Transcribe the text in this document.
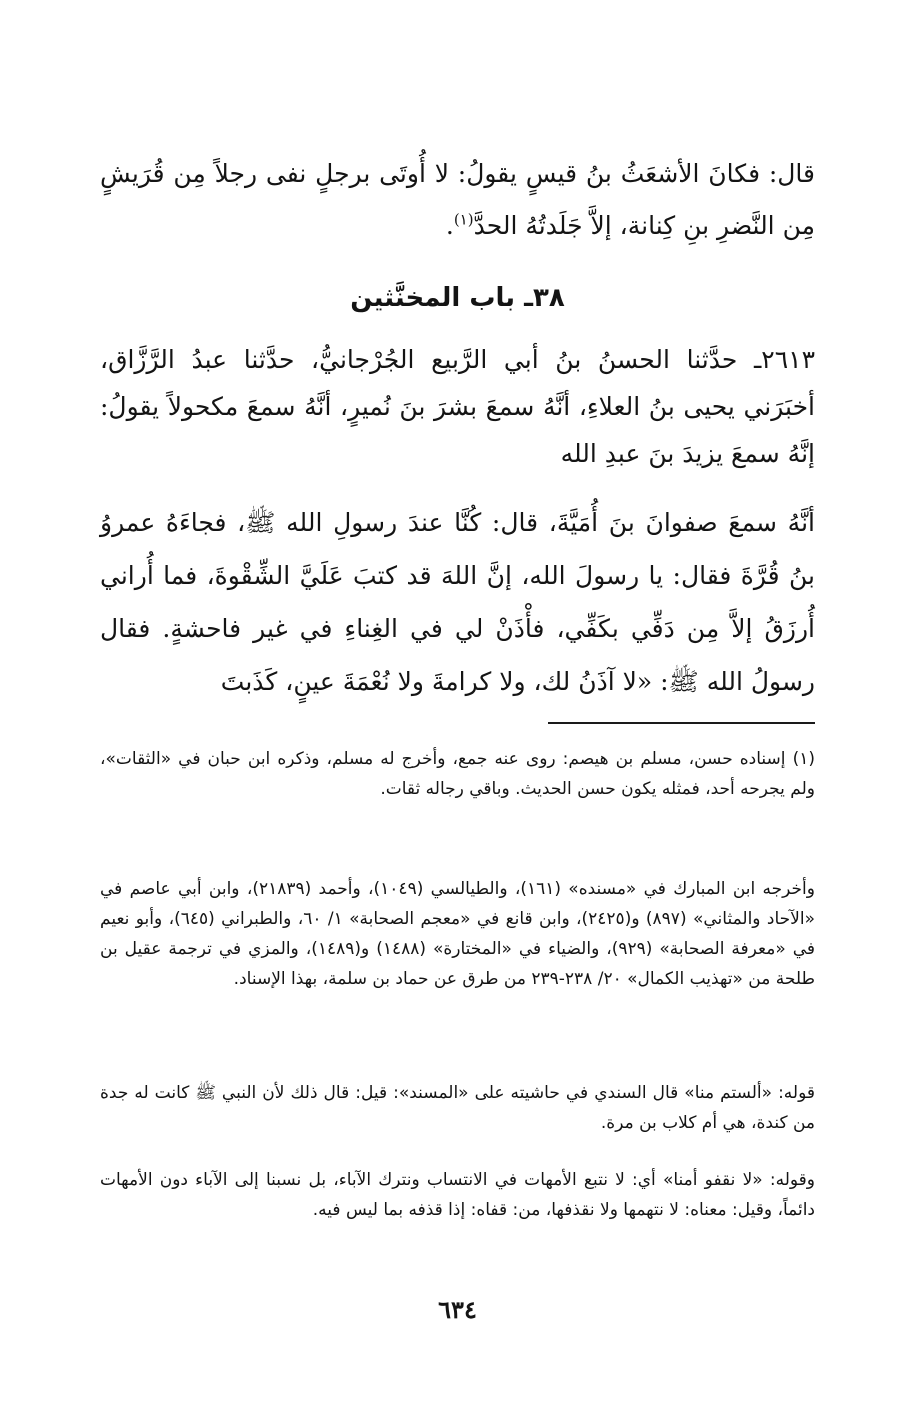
قال: فكانَ الأشعَثُ بنُ قيسٍ يقولُ: لا أُوتَى برجلٍ نفى رجلاً مِن قُرَيشٍ مِن النَّضرِ بنِ كِنانة، إلاَّ جَلَدتُهُ الحدَّ$^{(١)}$.

٣٨ـ باب المخنَّثين

٢٦١٣ـ حدَّثنا الحسنُ بنُ أبي الرَّبيع الجُرْجانيُّ، حدَّثنا عبدُ الرَّزَّاق، أخبَرَني يحيى بنُ العلاءِ، أنَّهُ سمعَ بشرَ بنَ نُميرٍ، أنَّهُ سمعَ مكحولاً يقولُ: إنَّهُ سمعَ يزيدَ بنَ عبدِ الله

أنَّهُ سمعَ صفوانَ بنَ أُمَيَّةَ، قال: كُنَّا عندَ رسولِ الله ﷺ، فجاءَهُ عمروُ بنُ قُرَّةَ فقال: يا رسولَ الله، إنَّ اللهَ قد كتبَ عَلَيَّ الشِّقْوةَ، فما أُراني أُرزَقُ إلاَّ مِن دَفِّي بكَفِّي، فأْذَنْ لي في الغِناءِ في غير فاحشةٍ. فقال رسولُ الله ﷺ: «لا آذَنُ لك، ولا كرامةَ ولا نُعْمَةَ عينٍ، كَذَبتَ

(١) إسناده حسن، مسلم بن هيصم: روى عنه جمع، وأخرج له مسلم، وذكره ابن حبان في «الثقات»، ولم يجرحه أحد، فمثله يكون حسن الحديث. وباقي رجاله ثقات.

وأخرجه ابن المبارك في «مسنده» (١٦١)، والطيالسي (١٠٤٩)، وأحمد (٢١٨٣٩)، وابن أبي عاصم في «الآحاد والمثاني» (٨٩٧) و(٢٤٢٥)، وابن قانع في «معجم الصحابة» ١/ ٦٠، والطبراني (٦٤٥)، وأبو نعيم في «معرفة الصحابة» (٩٢٩)، والضياء في «المختارة» (١٤٨٨) و(١٤٨٩)، والمزي في ترجمة عقيل بن طلحة من «تهذيب الكمال» ٢٠/ ٢٣٨-٢٣٩ من طرق عن حماد بن سلمة، بهذا الإسناد.

قوله: «ألستم منا» قال السندي في حاشيته على «المسند»: قيل: قال ذلك لأن النبي ﷺ كانت له جدة من كندة، هي أم كلاب بن مرة.

وقوله: «لا نقفو أمنا» أي: لا نتبع الأمهات في الانتساب ونترك الآباء، بل نسبنا إلى الآباء دون الأمهات دائماً، وقيل: معناه: لا نتهمها ولا نقذفها، من: قفاه: إذا قذفه بما ليس فيه.

٦٣٤
